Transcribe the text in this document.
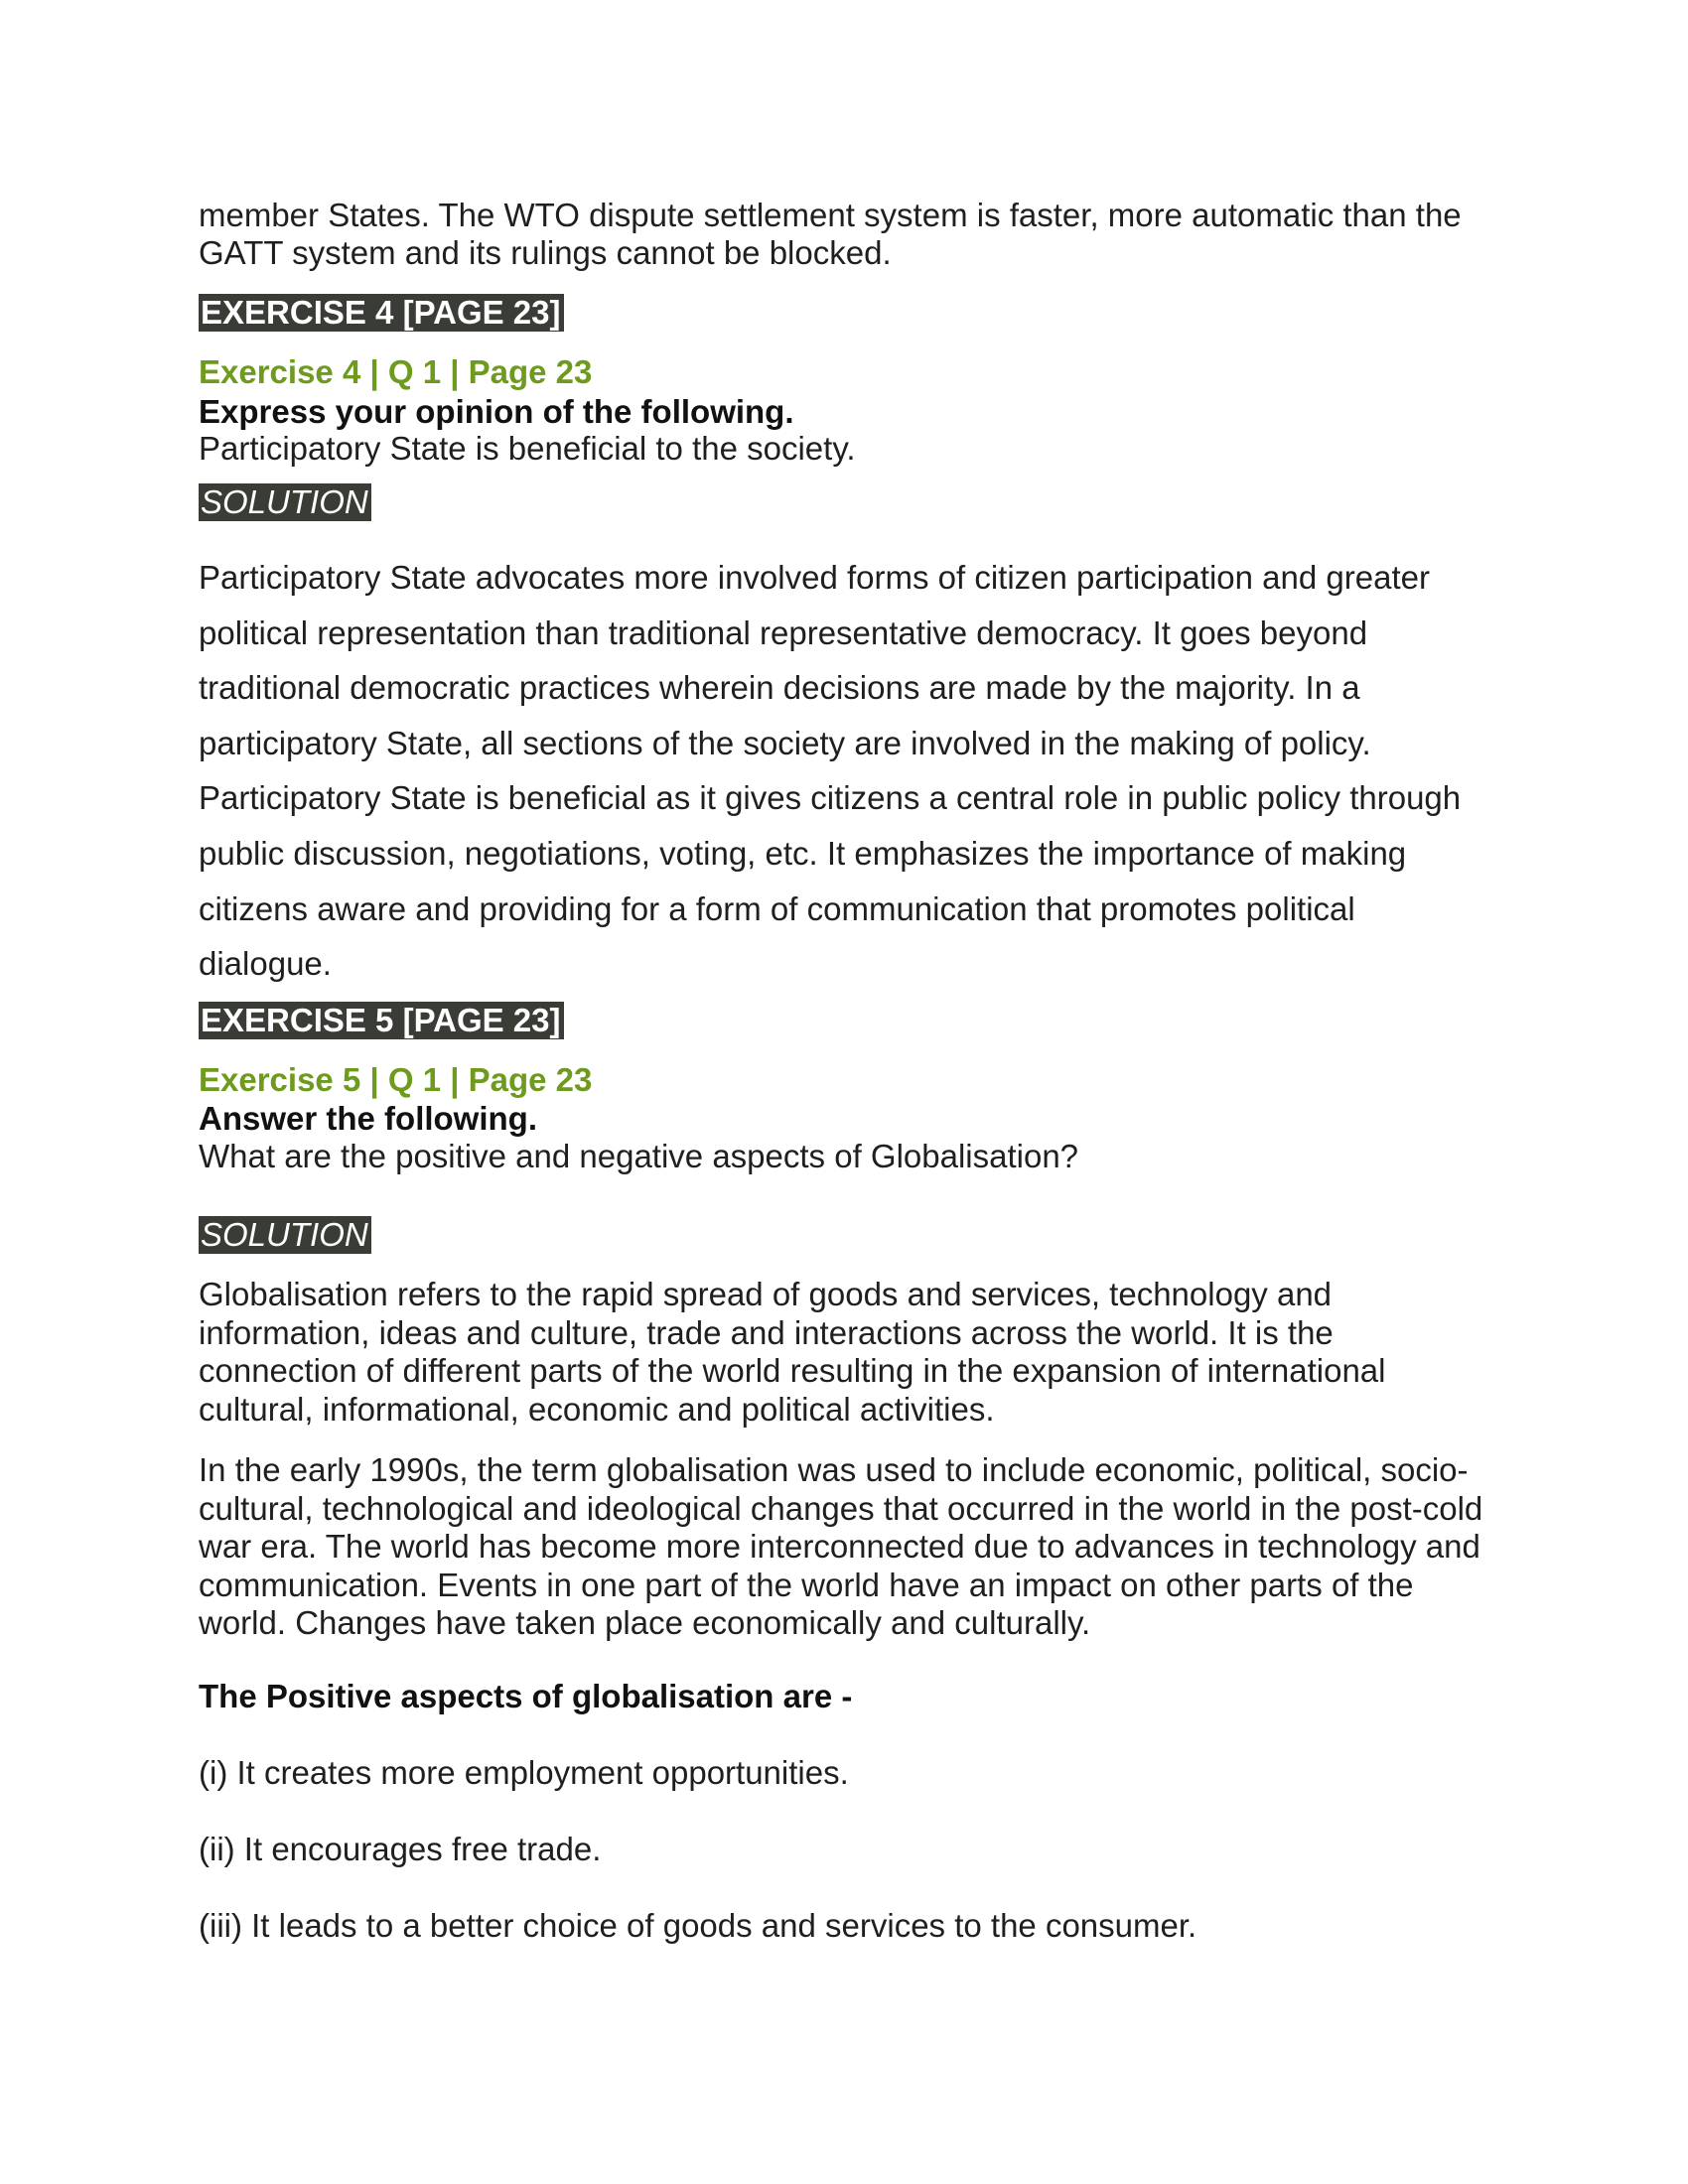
member States. The WTO dispute settlement system is faster, more automatic than the GATT system and its rulings cannot be blocked.

EXERCISE 4 [PAGE 23]
Exercise 4 | Q 1 | Page 23
Express your opinion of the following.
Participatory State is beneficial to the society.
SOLUTION

Participatory State advocates more involved forms of citizen participation and greater political representation than traditional representative democracy. It goes beyond traditional democratic practices wherein decisions are made by the majority. In a participatory State, all sections of the society are involved in the making of policy. Participatory State is beneficial as it gives citizens a central role in public policy through public discussion, negotiations, voting, etc. It emphasizes the importance of making citizens aware and providing for a form of communication that promotes political dialogue.

EXERCISE 5 [PAGE 23]
Exercise 5 | Q 1 | Page 23
Answer the following.
What are the positive and negative aspects of Globalisation?
SOLUTION

Globalisation refers to the rapid spread of goods and services, technology and information, ideas and culture, trade and interactions across the world. It is the connection of different parts of the world resulting in the expansion of international cultural, informational, economic and political activities.

In the early 1990s, the term globalisation was used to include economic, political, socio-cultural, technological and ideological changes that occurred in the world in the post-cold war era. The world has become more interconnected due to advances in technology and communication. Events in one part of the world have an impact on other parts of the world. Changes have taken place economically and culturally.

The Positive aspects of globalisation are -
(i) It creates more employment opportunities.
(ii) It encourages free trade.
(iii) It leads to a better choice of goods and services to the consumer.
